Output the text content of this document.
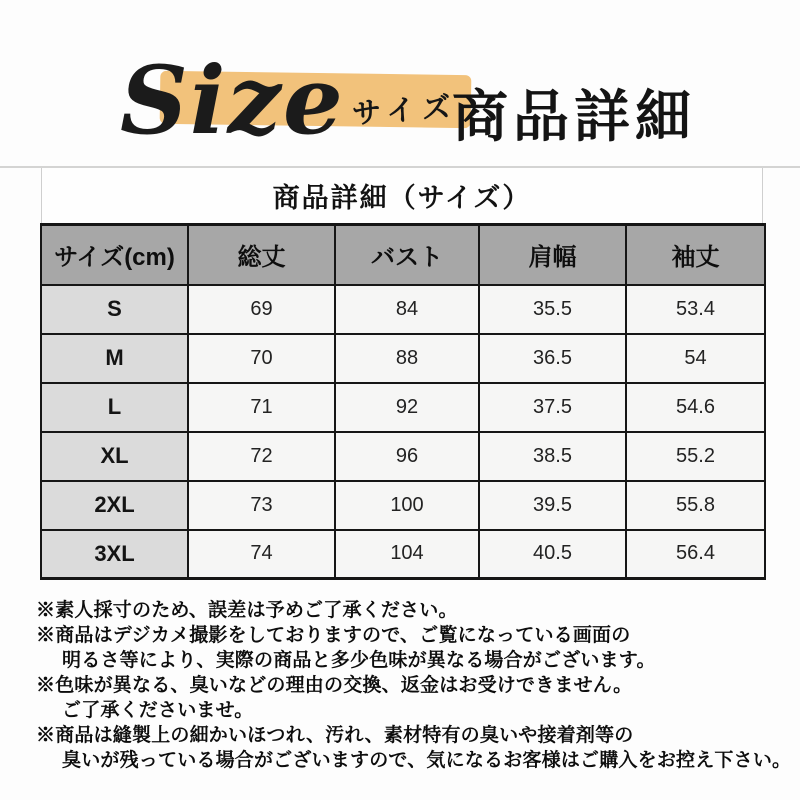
Size サイズ
商品詳細
商品詳細（サイズ）
サイズ(cm)	総丈	バスト	肩幅	袖丈
S	69	84	35.5	53.4
M	70	88	36.5	54
L	71	92	37.5	54.6
XL	72	96	38.5	55.2
2XL	73	100	39.5	55.8
3XL	74	104	40.5	56.4
※素人採寸のため、誤差は予めご了承ください。
※商品はデジカメ撮影をしておりますので、ご覧になっている画面の
明るさ等により、実際の商品と多少色味が異なる場合がございます。
※色味が異なる、臭いなどの理由の交換、返金はお受けできません。
ご了承くださいませ。
※商品は縫製上の細かいほつれ、汚れ、素材特有の臭いや接着剤等の
臭いが残っている場合がございますので、気になるお客様はご購入をお控え下さい。
